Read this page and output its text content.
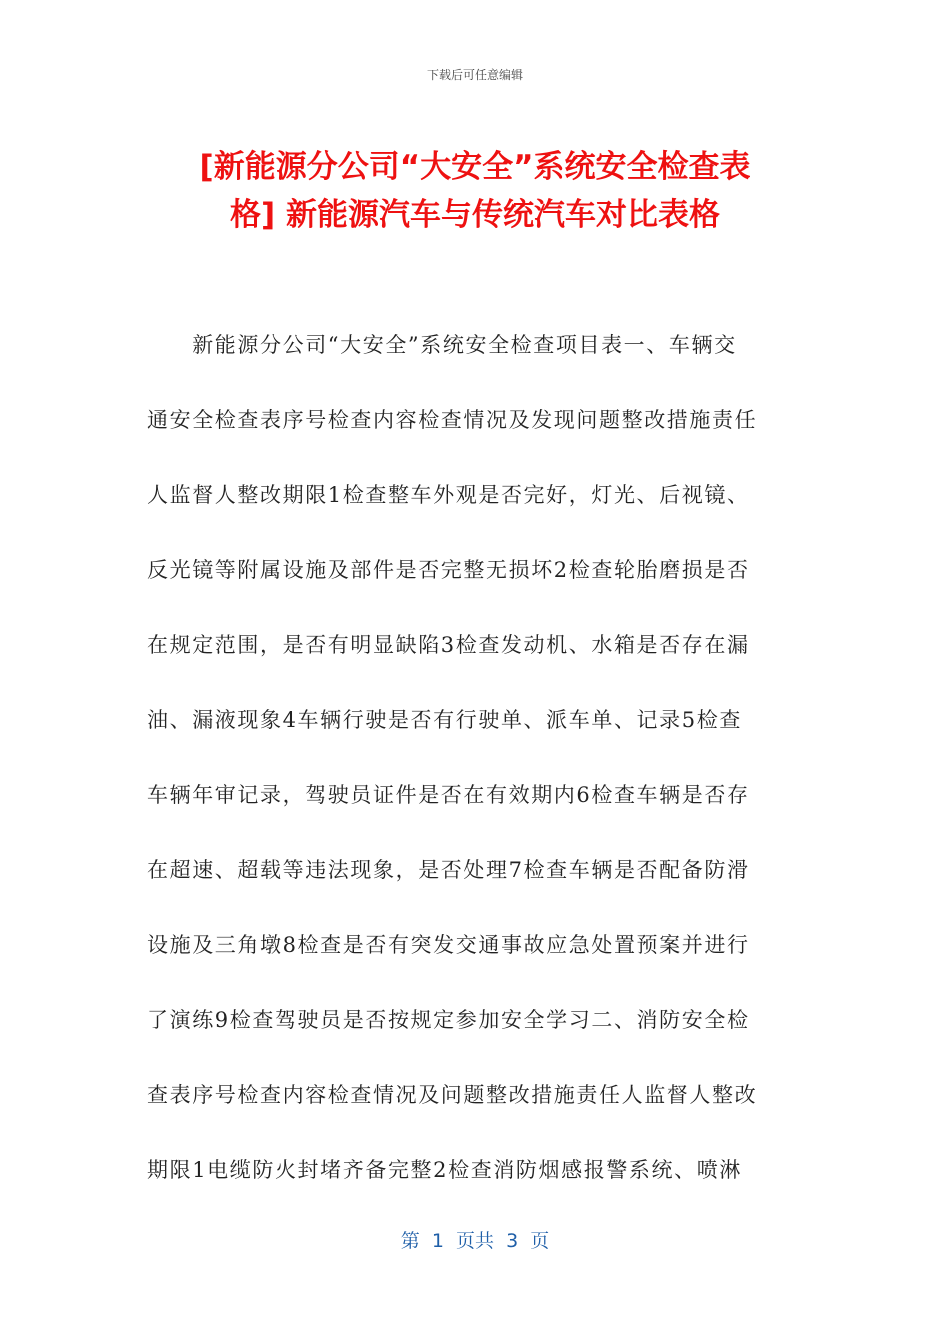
下载后可任意编辑
[新能源分公司“大安全”系统安全检查表
格] 新能源汽车与传统汽车对比表格
　　新能源分公司“大安全”系统安全检查项目表一、车辆交
通安全检查表序号检查内容检查情况及发现问题整改措施责任
人监督人整改期限1检查整车外观是否完好，灯光、后视镜、
反光镜等附属设施及部件是否完整无损坏2检查轮胎磨损是否
在规定范围，是否有明显缺陷3检查发动机、水箱是否存在漏
油、漏液现象4车辆行驶是否有行驶单、派车单、记录5检查
车辆年审记录，驾驶员证件是否在有效期内6检查车辆是否存
在超速、超载等违法现象，是否处理7检查车辆是否配备防滑
设施及三角墩8检查是否有突发交通事故应急处置预案并进行
了演练9检查驾驶员是否按规定参加安全学习二、消防安全检
查表序号检查内容检查情况及问题整改措施责任人监督人整改
期限1电缆防火封堵齐备完整2检查消防烟感报警系统、喷淋
第  1  页共  3  页
